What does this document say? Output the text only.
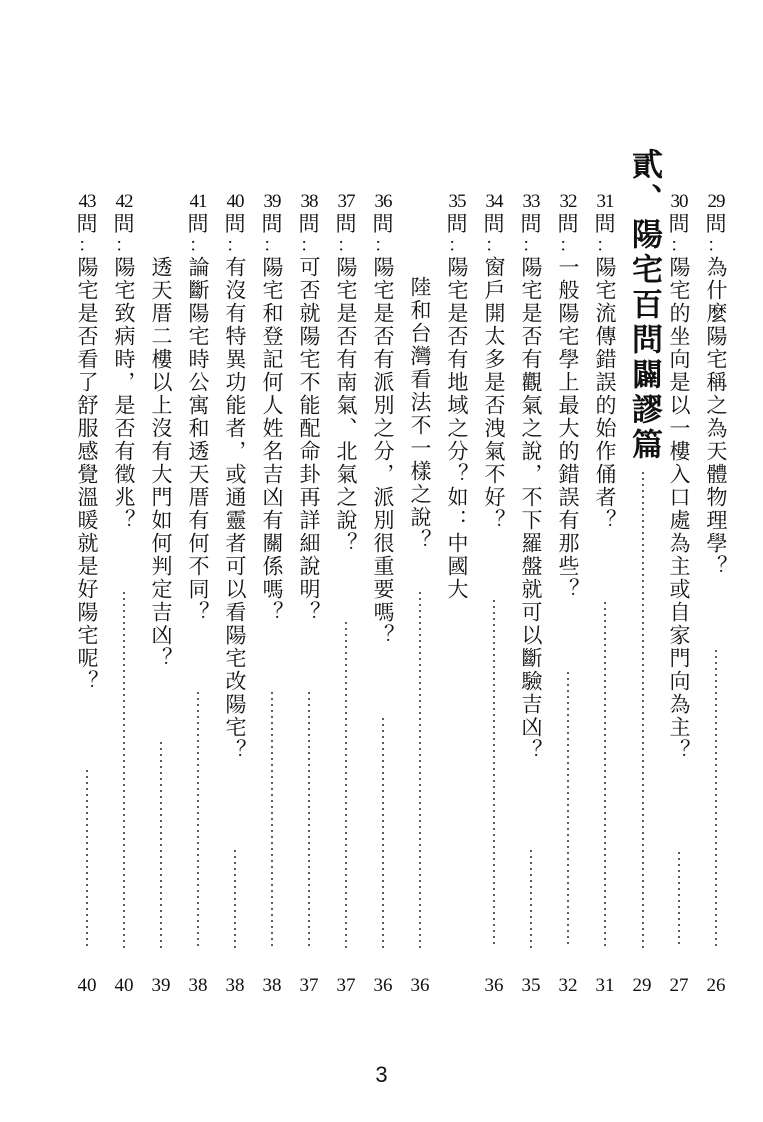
貳、陽宅百問闢謬篇 29
問
：
為什麼陽宅稱之為天體物理學？
26
30
問
：
陽宅的坐向是以一樓入口處為主或自家門向為主？
27
31
問
：
陽宅流傳錯誤的始作俑者？
31
32
問
：
一般陽宅學上最大的錯誤有那些？
32
33
問
：
陽宅是否有觀氣之說，不下羅盤就可以斷驗吉凶？
35
34
問
：
窗戶開太多是否洩氣不好？
36
35
問
：
陽宅是否有地域之分？如：中國大
陸和台灣看法不一樣之說？
36
36
問
：
陽宅是否有派別之分，派別很重要嗎？
36
37
問
：
陽宅是否有南氣、北氣之說？
37
38
問
：
可否就陽宅不能配命卦再詳細說明？
37
39
問
：
陽宅和登記何人姓名吉凶有關係嗎？
38
40
問
：
有沒有特異功能者，或通靈者可以看陽宅改陽宅？
38
41
問
：
論斷陽宅時公寓和透天厝有何不同？
38
透天厝二樓以上沒有大門如何判定吉凶？
39
42
問
：
陽宅致病時，是否有徵兆？
40
43
問
：
陽宅是否看了舒服感覺溫暖就是好陽宅呢？
40
3
29
